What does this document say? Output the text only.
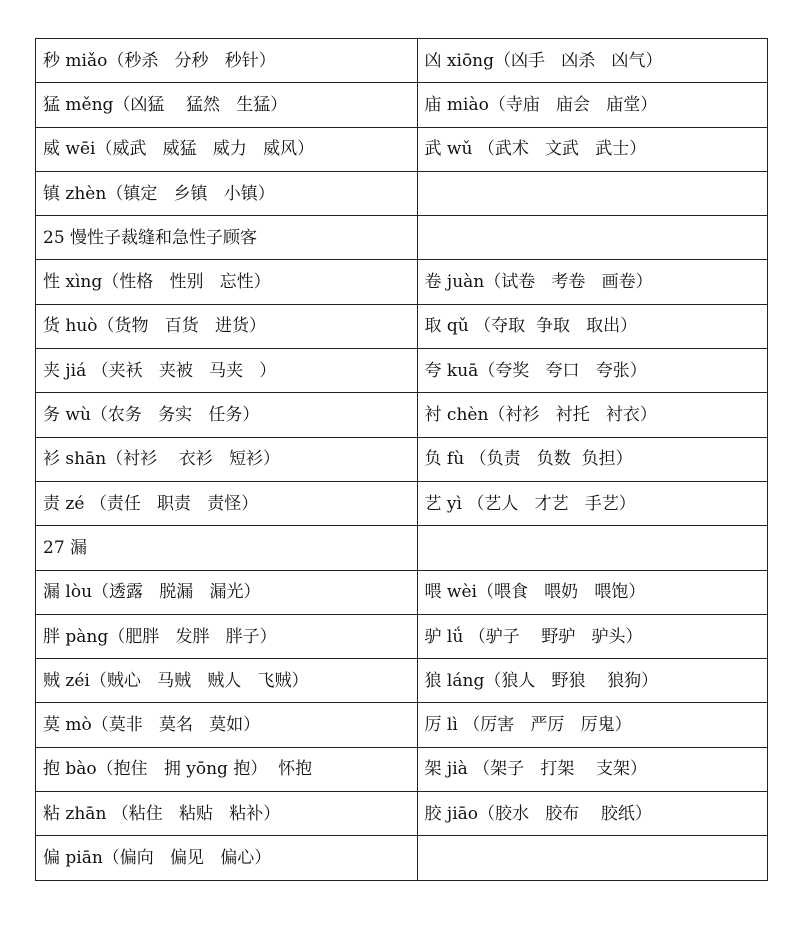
秒 miǎo（秒杀   分秒   秒针）	凶 xiōng（凶手   凶杀   凶气）
猛 měng（凶猛    猛然   生猛）	庙 miào（寺庙   庙会   庙堂）
威 wēi（威武   威猛   威力   威风）	武 wǔ （武术   文武   武士）
镇 zhèn（镇定   乡镇   小镇）	
25 慢性子裁缝和急性子顾客	
性 xìng（性格   性别   忘性）	卷 juàn（试卷   考卷   画卷）
货 huò（货物   百货   进货）	取 qǔ （夺取  争取   取出）
夹 jiá （夹袄   夹被   马夹   ）	夸 kuā（夸奖   夸口   夸张）
务 wù（农务   务实   任务）	衬 chèn（衬衫   衬托   衬衣）
衫 shān（衬衫    衣衫   短衫）	负 fù （负责   负数  负担）
责 zé （责任   职责   责怪）	艺 yì （艺人   才艺   手艺）
27 漏	
漏 lòu（透露   脱漏   漏光）	喂 wèi（喂食   喂奶   喂饱）
胖 pàng（肥胖   发胖   胖子）	驴 lǘ （驴子    野驴   驴头）
贼 zéi（贼心   马贼   贼人   飞贼）	狼 láng（狼人   野狼    狼狗）
莫 mò（莫非   莫名   莫如）	厉 lì （厉害   严厉   厉鬼）
抱 bào（抱住   拥 yōng 抱）  怀抱	架 jià （架子   打架    支架）
粘 zhān （粘住   粘贴   粘补）	胶 jiāo（胶水   胶布    胶纸）
偏 piān（偏向   偏见   偏心）	
